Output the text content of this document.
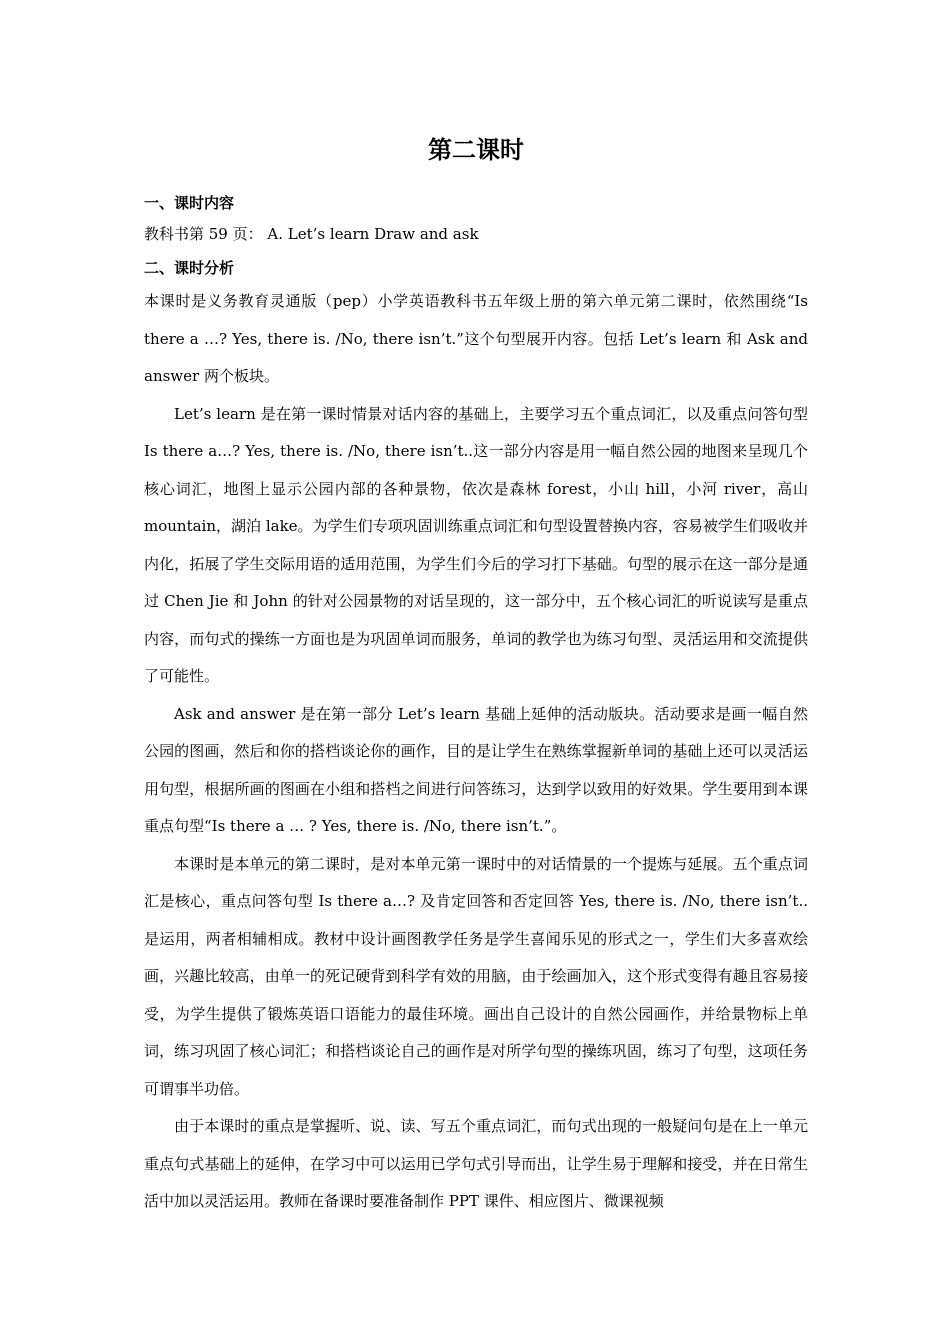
第二课时

一、课时内容

教科书第 59 页： A. Let’s learn Draw and ask

二、课时分析

本课时是义务教育灵通版（pep）小学英语教科书五年级上册的第六单元第二课时，依然围绕“Is there a …? Yes, there is. /No, there isn’t.”这个句型展开内容。包括 Let’s learn 和 Ask and answer 两个板块。

Let’s learn 是在第一课时情景对话内容的基础上，主要学习五个重点词汇，以及重点问答句型 Is there a…? Yes, there is. /No, there isn’t..这一部分内容是用一幅自然公园的地图来呈现几个核心词汇，地图上显示公园内部的各种景物，依次是森林 forest，小山 hill，小河 river，高山 mountain，湖泊 lake。为学生们专项巩固训练重点词汇和句型设置替换内容，容易被学生们吸收并内化，拓展了学生交际用语的适用范围，为学生们今后的学习打下基础。句型的展示在这一部分是通过 Chen Jie 和 John 的针对公园景物的对话呈现的，这一部分中，五个核心词汇的听说读写是重点内容，而句式的操练一方面也是为巩固单词而服务，单词的教学也为练习句型、灵活运用和交流提供了可能性。

Ask and answer 是在第一部分 Let’s learn 基础上延伸的活动版块。活动要求是画一幅自然公园的图画，然后和你的搭档谈论你的画作，目的是让学生在熟练掌握新单词的基础上还可以灵活运用句型，根据所画的图画在小组和搭档之间进行问答练习，达到学以致用的好效果。学生要用到本课重点句型“Is there a … ? Yes, there is. /No, there isn’t.”。

本课时是本单元的第二课时，是对本单元第一课时中的对话情景的一个提炼与延展。五个重点词汇是核心，重点问答句型 Is there a…? 及肯定回答和否定回答 Yes, there is. /No, there isn’t..是运用，两者相辅相成。教材中设计画图教学任务是学生喜闻乐见的形式之一，学生们大多喜欢绘画，兴趣比较高，由单一的死记硬背到科学有效的用脑，由于绘画加入，这个形式变得有趣且容易接受，为学生提供了锻炼英语口语能力的最佳环境。画出自己设计的自然公园画作，并给景物标上单词，练习巩固了核心词汇；和搭档谈论自己的画作是对所学句型的操练巩固，练习了句型，这项任务可谓事半功倍。

由于本课时的重点是掌握听、说、读、写五个重点词汇，而句式出现的一般疑问句是在上一单元重点句式基础上的延伸，在学习中可以运用已学句式引导而出，让学生易于理解和接受，并在日常生活中加以灵活运用。教师在备课时要准备制作 PPT 课件、相应图片、微课视频
